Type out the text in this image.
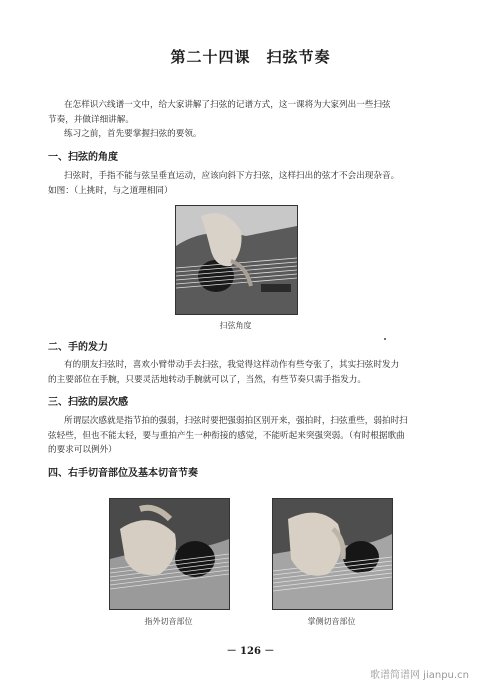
第二十四课　扫弦节奏
在怎样识六线谱一文中，给大家讲解了扫弦的记谱方式，这一课将为大家列出一些扫弦
节奏，并做详细讲解。
练习之前，首先要掌握扫弦的要领。
一、扫弦的角度
扫弦时，手指不能与弦呈垂直运动，应该向斜下方扫弦，这样扫出的弦才不会出现杂音。
如图：（上挑时，与之道理相同）
扫弦角度
二、手的发力
有的朋友扫弦时，喜欢小臂带动手去扫弦，我觉得这样动作有些夸张了，其实扫弦时发力
的主要部位在手腕，只要灵活地转动手腕就可以了，当然，有些节奏只需手指发力。
三、扫弦的层次感
所谓层次感就是指节拍的强弱，扫弦时要把强弱拍区别开来，强拍时，扫弦重些，弱拍时扫
弦轻些，但也不能太轻，要与重拍产生一种衔接的感觉，不能听起来突强突弱。（有时根据歌曲
的要求可以例外）
四、右手切音部位及基本切音节奏
指外切音部位	掌侧切音部位
－ 126 －
歌谱简谱网 jianpu.cn
